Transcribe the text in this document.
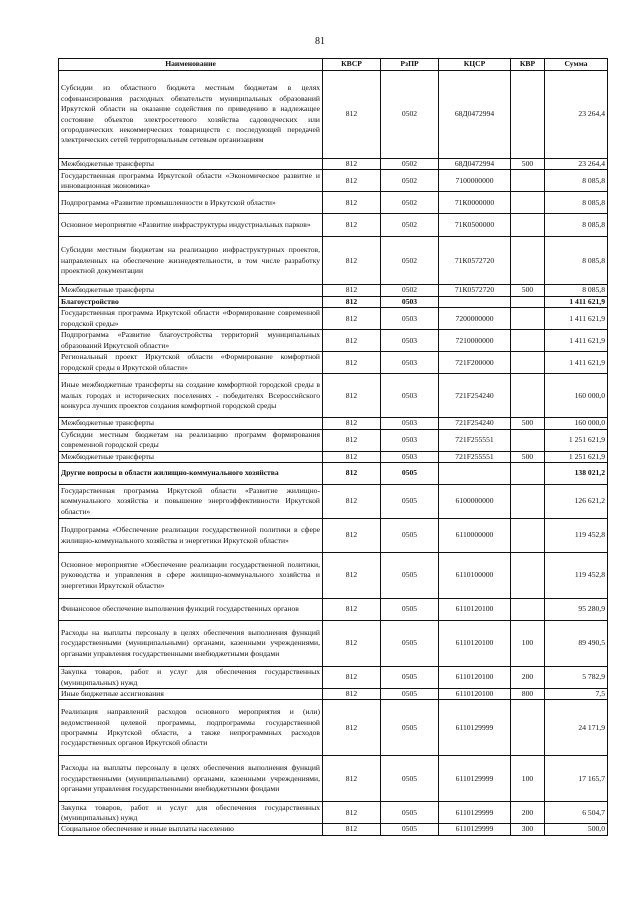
81
Наименование	КВСР	РзПР	КЦСР	КВР	Сумма
Субсидии из областного бюджета местным бюджетам в целях софинансирования расходных обязательств муниципальных образований Иркутской области на оказание содействия по приведению в надлежащее состояние объектов электросетевого хозяйства садоводческих или огороднических некоммерческих товариществ с последующей передачей электрических сетей территориальным сетевым организациям	812	0502	68Д0472994		23 264,4
Межбюджетные трансферты	812	0502	68Д0472994	500	23 264,4
Государственная программа Иркутской области «Экономическое развитие и инновационная экономика»	812	0502	7100000000		8 085,8
Подпрограмма «Развитие промышленности в Иркутской области»	812	0502	71К0000000		8 085,8
Основное мероприятие «Развитие инфраструктуры индустриальных парков»	812	0502	71К0500000		8 085,8
Субсидии местным бюджетам на реализацию инфраструктурных проектов, направленных на обеспечение жизнедеятельности, в том числе разработку проектной документации	812	0502	71К0572720		8 085,8
Межбюджетные трансферты	812	0502	71К0572720	500	8 085,8
Благоустройство	812	0503			1 411 621,9
Государственная программа Иркутской области «Формирование современной городской среды»	812	0503	7200000000		1 411 621,9
Подпрограмма «Развитие благоустройства территорий муниципальных образований Иркутской области»	812	0503	7210000000		1 411 621,9
Региональный проект Иркутской области «Формирование комфортной городской среды в Иркутской области»	812	0503	721F200000		1 411 621,9
Иные межбюджетные трансферты на создание комфортной городской среды в малых городах и исторических поселениях - победителях Всероссийского конкурса лучших проектов создания комфортной городской среды	812	0503	721F254240		160 000,0
Межбюджетные трансферты	812	0503	721F254240	500	160 000,0
Субсидии местным бюджетам на реализацию программ формирования современной городской среды	812	0503	721F255551		1 251 621,9
Межбюджетные трансферты	812	0503	721F255551	500	1 251 621,9
Другие вопросы в области жилищно-коммунального хозяйства	812	0505			138 021,2
Государственная программа Иркутской области «Развитие жилищно-коммунального хозяйства и повышение энергоэффективности Иркутской области»	812	0505	6100000000		126 621,2
Подпрограмма «Обеспечение реализации государственной политики в сфере жилищно-коммунального хозяйства и энергетики Иркутской области»	812	0505	6110000000		119 452,8
Основное мероприятие «Обеспечение реализации государственной политики, руководства и управления в сфере жилищно-коммунального хозяйства и энергетики Иркутской области»	812	0505	6110100000		119 452,8
Финансовое обеспечение выполнения функций государственных органов	812	0505	6110120100		95 280,9
Расходы на выплаты персоналу в целях обеспечения выполнения функций государственными (муниципальными) органами, казенными учреждениями, органами управления государственными внебюджетными фондами	812	0505	6110120100	100	89 490,5
Закупка товаров, работ и услуг для обеспечения государственных (муниципальных) нужд	812	0505	6110120100	200	5 782,9
Иные бюджетные ассигнования	812	0505	6110120100	800	7,5
Реализация направлений расходов основного мероприятия и (или) ведомственной целевой программы, подпрограммы государственной программы Иркутской области, а также непрограммных расходов государственных органов Иркутской области	812	0505	6110129999		24 171,9
Расходы на выплаты персоналу в целях обеспечения выполнения функций государственными (муниципальными) органами, казенными учреждениями, органами управления государственными внебюджетными фондами	812	0505	6110129999	100	17 165,7
Закупка товаров, работ и услуг для обеспечения государственных (муниципальных) нужд	812	0505	6110129999	200	6 504,7
Социальное обеспечение и иные выплаты населению	812	0505	6110129999	300	500,0
